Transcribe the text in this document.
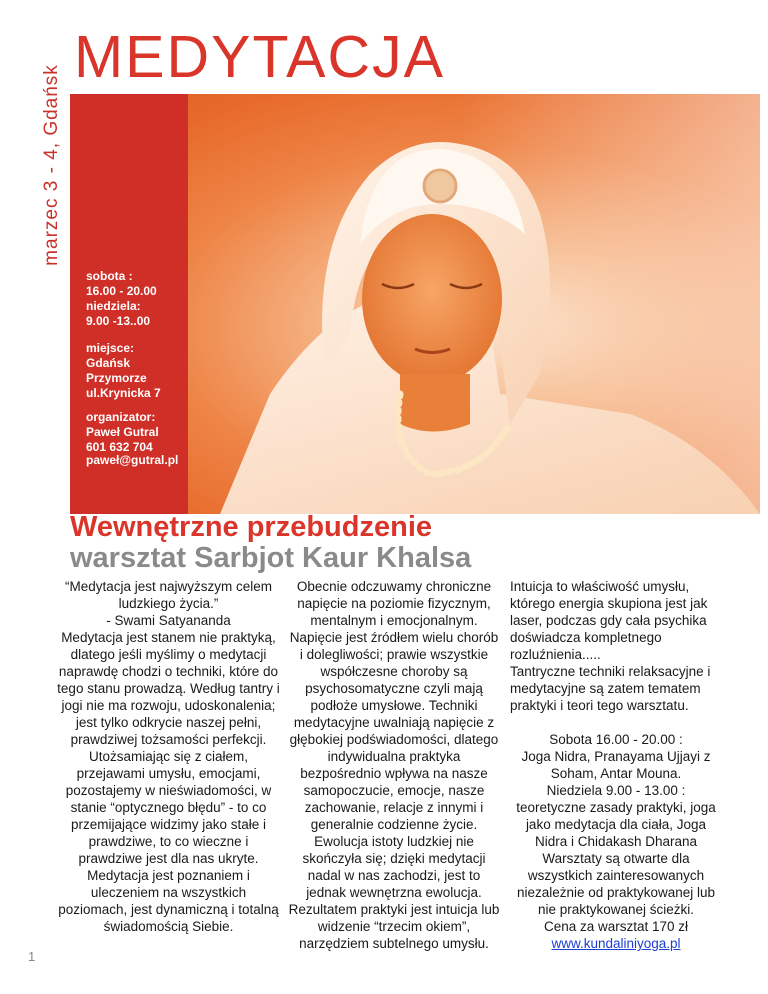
marzec 3 - 4, Gdańsk
MEDYTACJA
sobota :
16.00 - 20.00
niedziela:
9.00 -13..00
miejsce:
Gdańsk
Przymorze
ul.Krynicka 7
organizator:
Paweł Gutral
601 632 704
paweł@gutral.pl
Wewnętrzne przebudzenie
warsztat Sarbjot Kaur Khalsa

“Medytacja jest najwyższym celem ludzkiego życia.”

- Swami Satyananda

Medytacja jest stanem nie praktyką, dlatego jeśli myślimy o medytacji naprawdę chodzi o techniki, które do tego stanu prowadzą. Według tantry i jogi nie ma rozwoju, udoskonalenia; jest tylko odkrycie naszej pełni, prawdziwej tożsamości perfekcji.

Utożsamiając się z ciałem, przejawami umysłu, emocjami, pozostajemy w nieświadomości, w stanie “optycznego błędu” - to co przemijające widzimy jako stałe i prawdziwe, to co wieczne i prawdziwe jest dla nas ukryte.

Medytacja jest poznaniem i uleczeniem na wszystkich poziomach, jest dynamiczną i totalną świadomością Siebie.

Obecnie odczuwamy chroniczne napięcie na poziomie fizycznym, mentalnym i emocjonalnym.

Napięcie jest źródłem wielu chorób i dolegliwości; prawie wszystkie współczesne choroby są psychosomatyczne czyli mają podłoże umysłowe. Techniki medytacyjne uwalniają napięcie z głębokiej podświadomości, dlatego indywidualna praktyka bezpośrednio wpływa na nasze samopoczucie, emocje, nasze zachowanie, relacje z innymi i generalnie codzienne życie.

Ewolucja istoty ludzkiej nie skończyła się; dzięki medytacji nadal w nas zachodzi, jest to jednak wewnętrzna ewolucja. Rezultatem praktyki jest intuicja lub widzenie “trzecim okiem”, narzędziem subtelnego umysłu.

Intuicja to właściwość umysłu, którego energia skupiona jest jak laser, podczas gdy cała psychika doświadcza kompletnego rozluźnienia.....

Tantryczne techniki relaksacyjne i medytacyjne są zatem tematem praktyki i teori tego warsztatu.

Sobota 16.00 - 20.00 :

Joga Nidra, Pranayama Ujjayi z Soham, Antar Mouna.

Niedziela 9.00 - 13.00 :

teoretyczne zasady praktyki, joga jako medytacja dla ciała, Joga Nidra i Chidakash Dharana

Warsztaty są otwarte dla wszystkich zainteresowanych niezależnie od praktykowanej lub nie praktykowanej ścieżki.

Cena za warsztat 170 zł

www.kundaliniyoga.pl

1
